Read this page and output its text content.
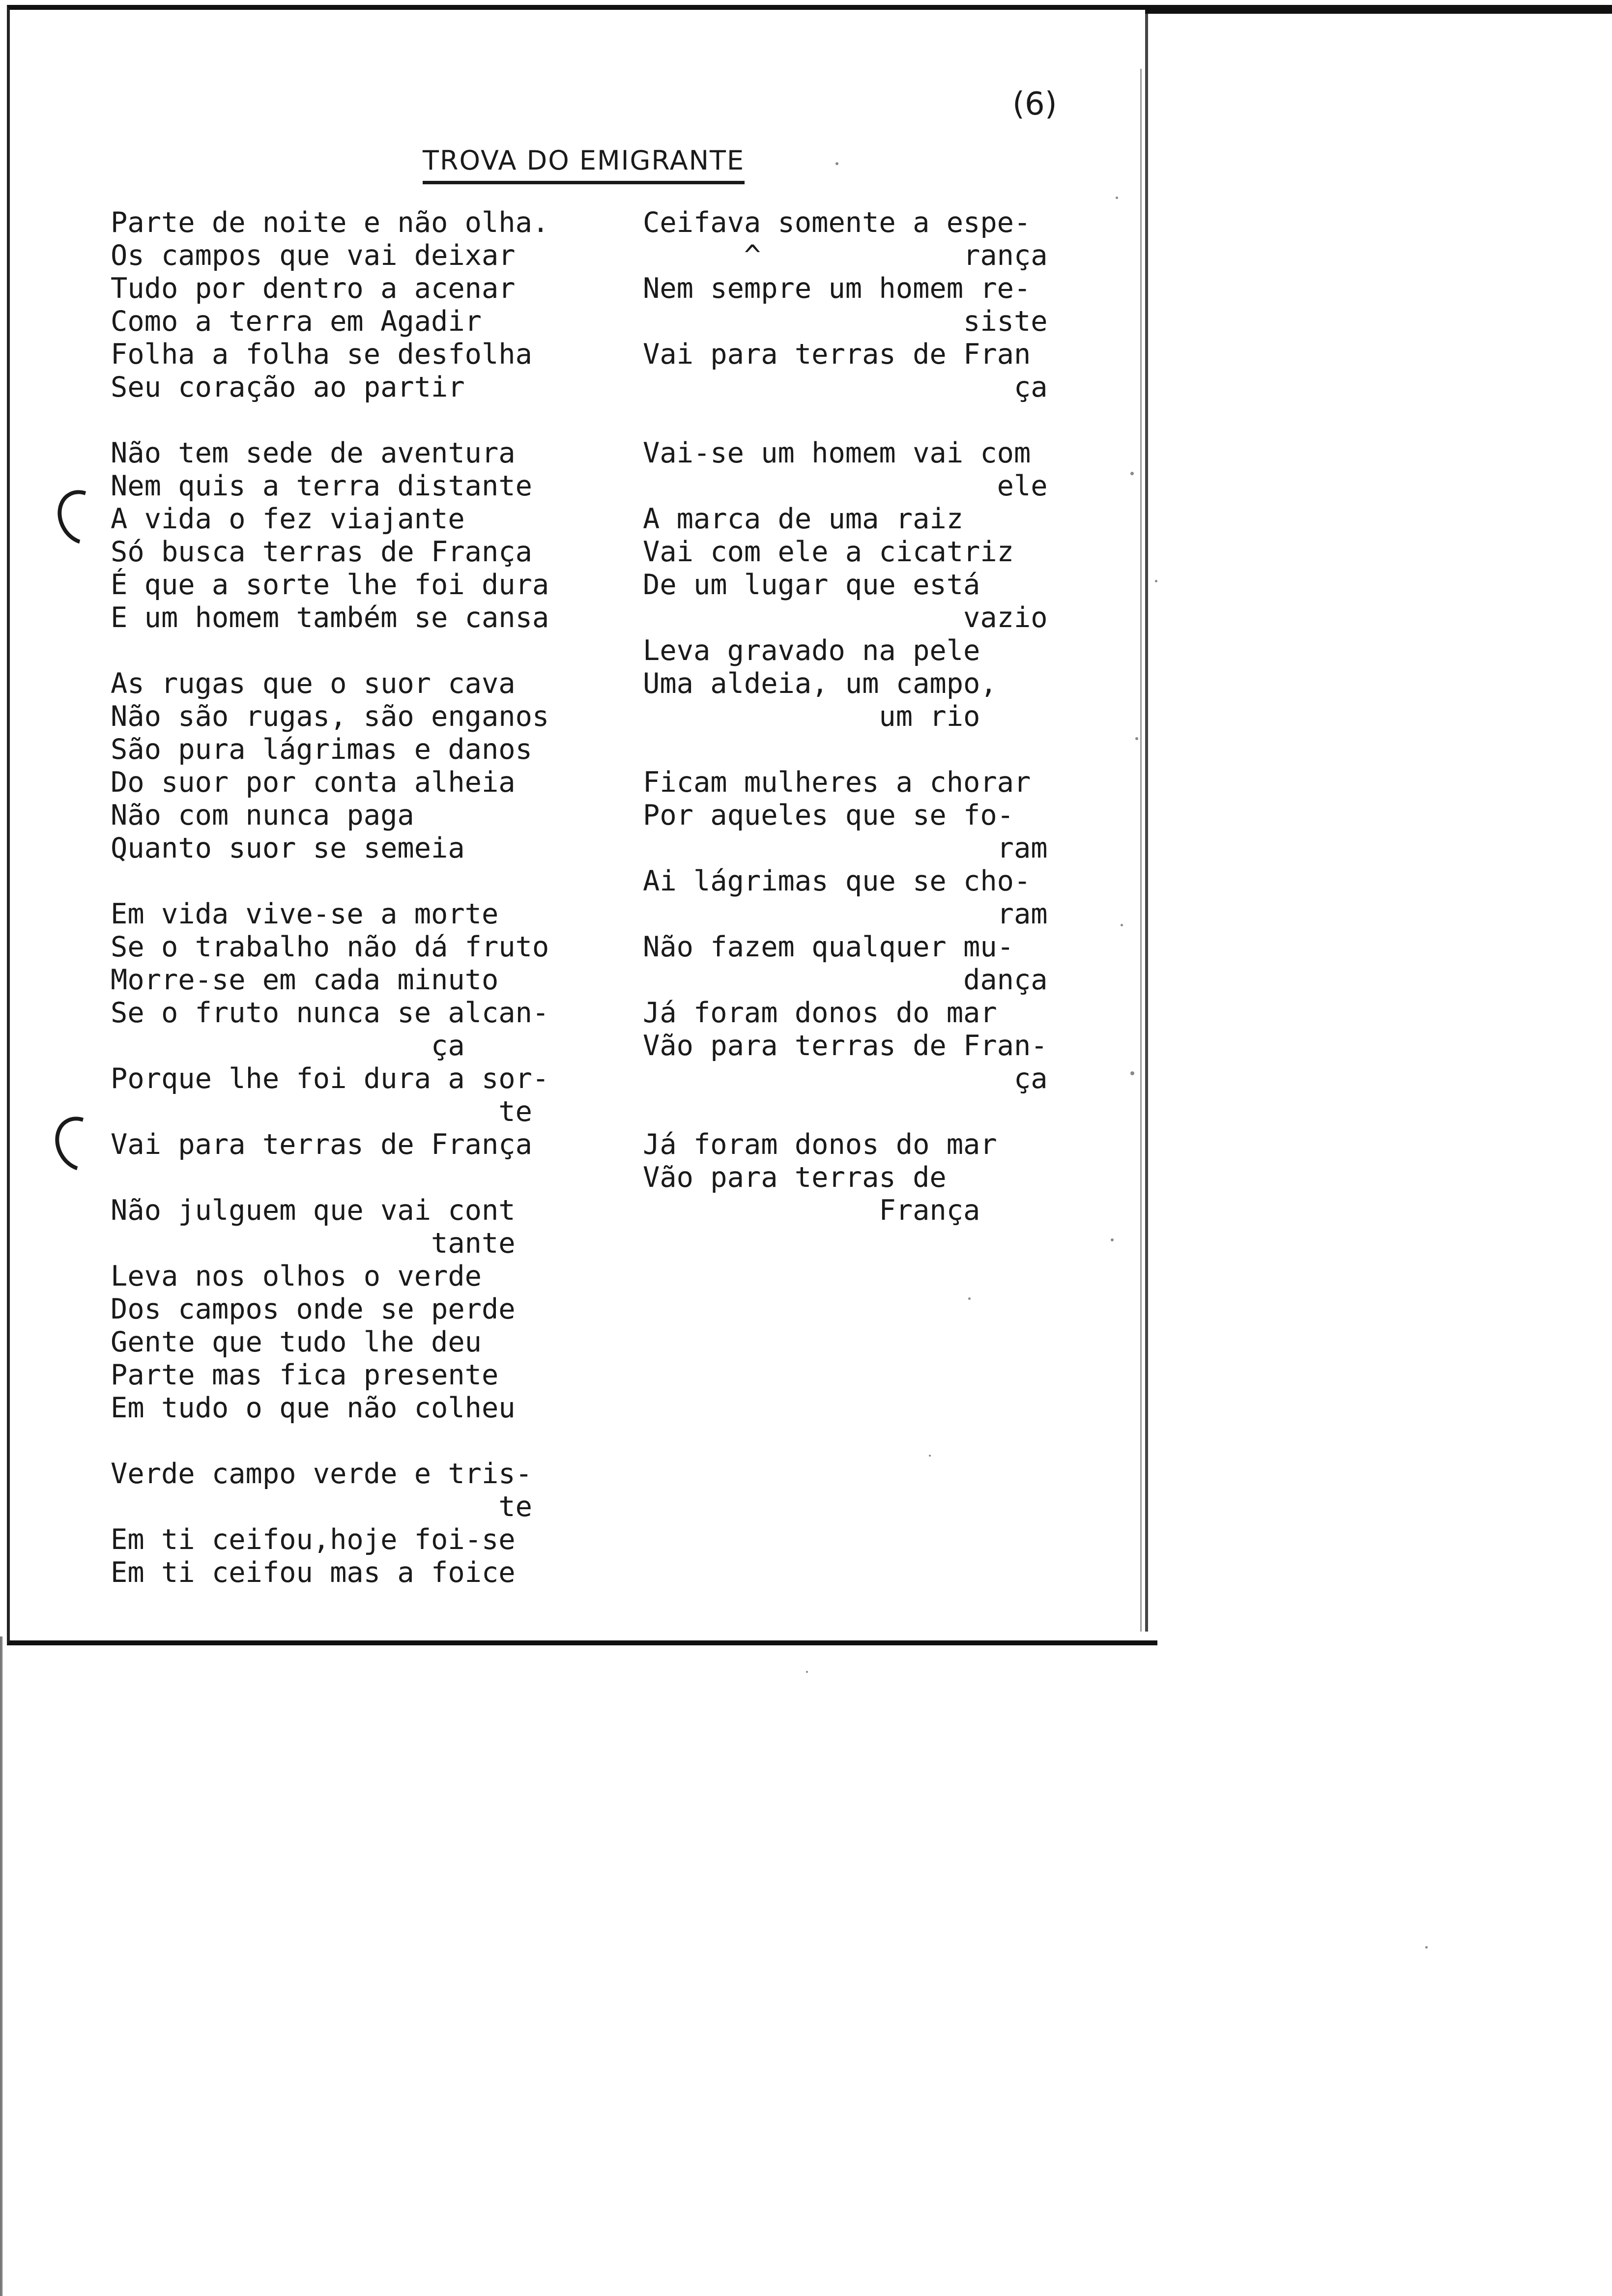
(6)
TROVA DO EMIGRANTE
Parte de noite e não olha.
Os campos que vai deixar
Tudo por dentro a acenar
Como a terra em Agadir
Folha a folha se desfolha
Seu coração ao partir
Não tem sede de aventura
Nem quis a terra distante
A vida o fez viajante
Só busca terras de França
É que a sorte lhe foi dura
E um homem também se cansa
As rugas que o suor cava
Não são rugas, são enganos
São pura lágrimas e danos
Do suor por conta alheia
Não com nunca paga
Quanto suor se semeia
Em vida vive-se a morte
Se o trabalho não dá fruto
Morre-se em cada minuto
Se o fruto nunca se alcan-
ça
Porque lhe foi dura a sor-
te
Vai para terras de França
Não julguem que vai cont
tante
Leva nos olhos o verde
Dos campos onde se perde
Gente que tudo lhe deu
Parte mas fica presente
Em tudo o que não colheu
Verde campo verde e tris-
te
Em ti ceifou,hoje foi-se
Em ti ceifou mas a foice
Ceifava somente a espe-
^            rança
Nem sempre um homem re-
siste
Vai para terras de Fran
ça
Vai-se um homem vai com
ele
A marca de uma raiz
Vai com ele a cicatriz
De um lugar que está
vazio
Leva gravado na pele
Uma aldeia, um campo,
um rio
Ficam mulheres a chorar
Por aqueles que se fo-
ram
Ai lágrimas que se cho-
ram
Não fazem qualquer mu-
dança
Já foram donos do mar
Vão para terras de Fran-
ça
Já foram donos do mar
Vão para terras de
França
